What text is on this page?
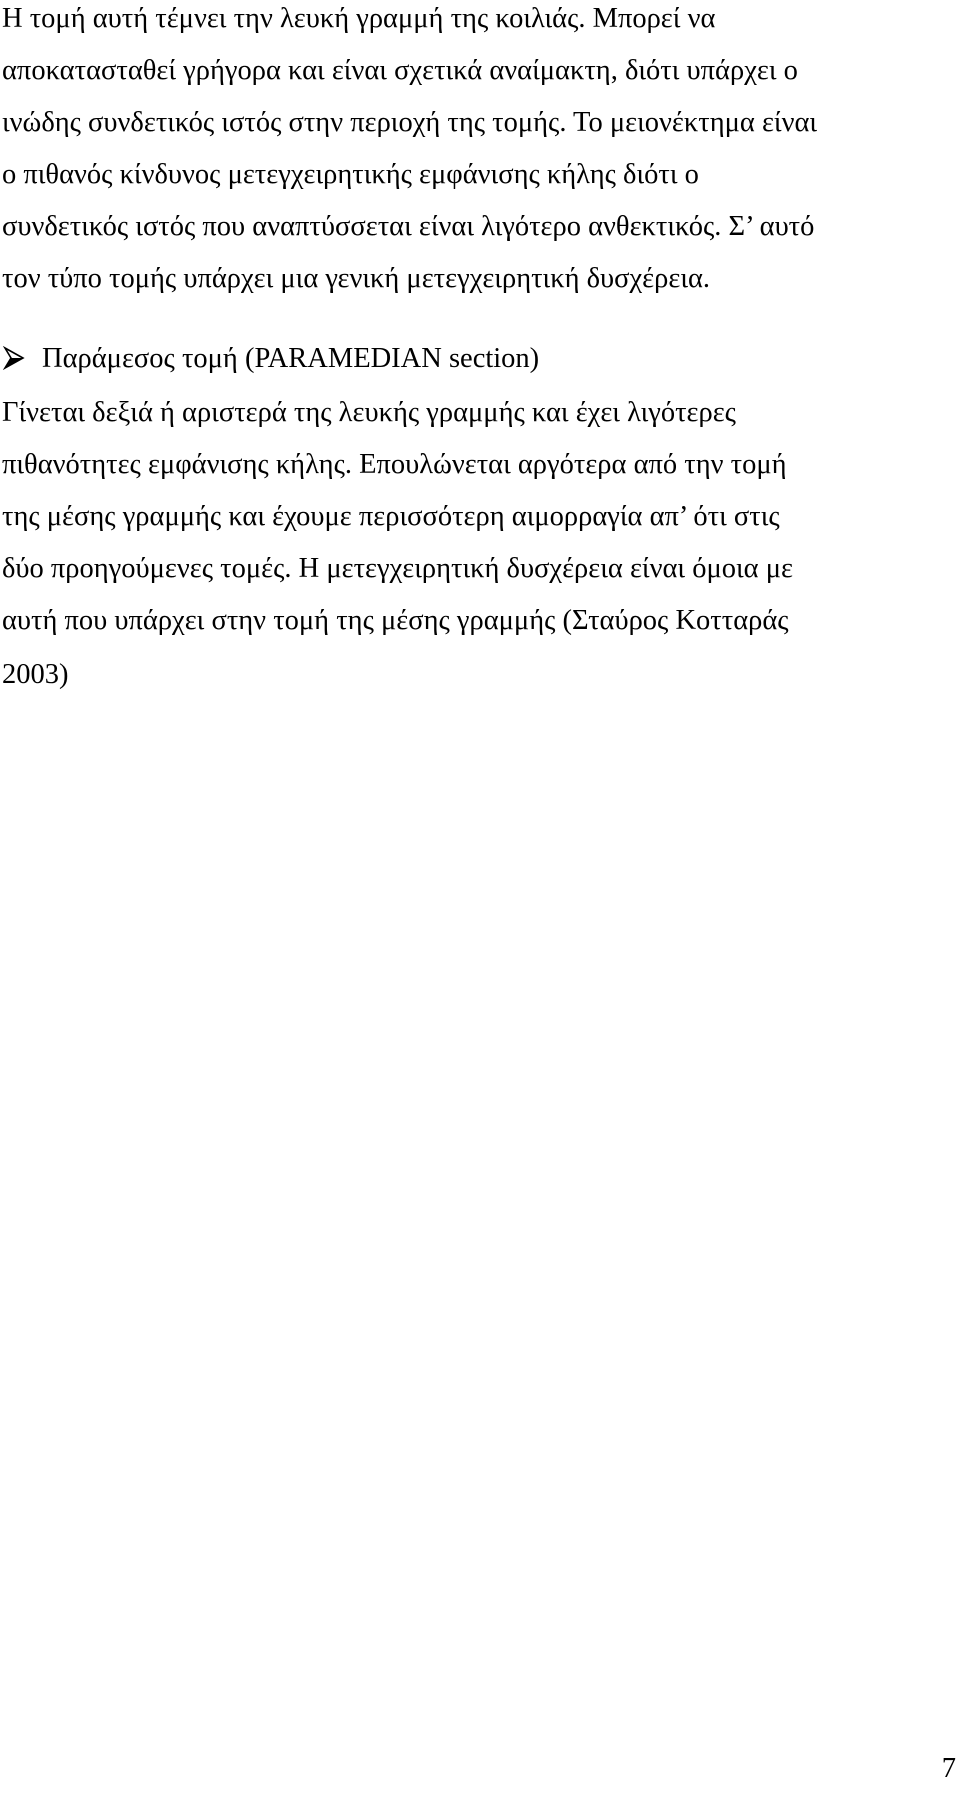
Η τομή αυτή τέμνει την λευκή γραμμή της κοιλιάς. Μπορεί να
αποκατασταθεί γρήγορα και είναι σχετικά αναίμακτη, διότι υπάρχει ο
ινώδης συνδετικός ιστός στην περιοχή της τομής. Το μειονέκτημα είναι
ο πιθανός κίνδυνος μετεγχειρητικής εμφάνισης κήλης διότι ο
συνδετικός ιστός που αναπτύσσεται είναι λιγότερο ανθεκτικός. Σ’ αυτό
τον τύπο τομής υπάρχει μια γενική μετεγχειρητική δυσχέρεια.
Παράμεσος τομή (PARAMEDIAN section)
Γίνεται δεξιά ή αριστερά της λευκής γραμμής και έχει λιγότερες
πιθανότητες εμφάνισης κήλης. Επουλώνεται αργότερα από την τομή
της μέσης γραμμής και έχουμε περισσότερη αιμορραγία απ’ ότι στις
δύο προηγούμενες τομές. Η μετεγχειρητική δυσχέρεια είναι όμοια με
αυτή που υπάρχει στην τομή της μέσης γραμμής (Σταύρος Κοτταράς
2003)
7
